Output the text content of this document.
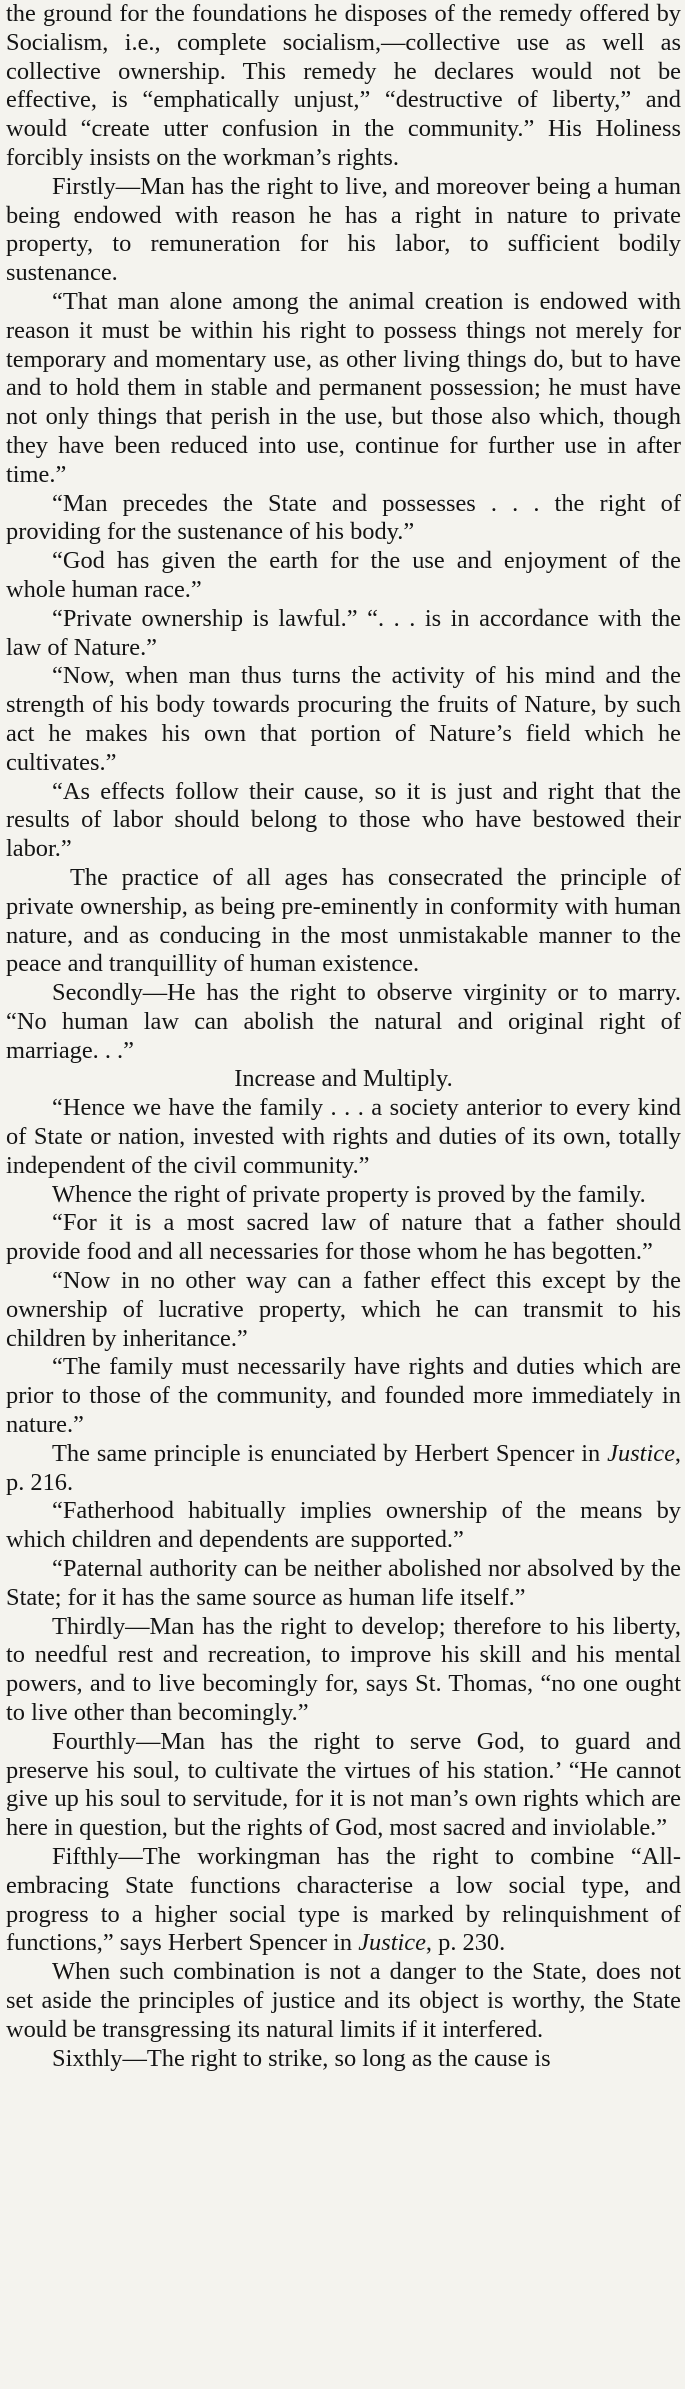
the ground for the foundations he disposes of the remedy offered by Socialism, i.e., complete socialism,—collective use as well as collective ownership. This remedy he declares would not be effective, is “emphatically unjust,” “destructive of liberty,” and would “create utter confusion in the community.” His Holiness forcibly insists on the workman’s rights.

Firstly—Man has the right to live, and moreover being a human being endowed with reason he has a right in nature to private property, to remuneration for his labor, to sufficient bodily sustenance.

“That man alone among the animal creation is endowed with reason it must be within his right to possess things not merely for temporary and momentary use, as other living things do, but to have and to hold them in stable and permanent possession; he must have not only things that perish in the use, but those also which, though they have been reduced into use, continue for further use in after time.”

“Man precedes the State and possesses . . . the right of providing for the sustenance of his body.”

“God has given the earth for the use and enjoyment of the whole human race.”

“Private ownership is lawful.” “. . . is in accordance with the law of Nature.”

“Now, when man thus turns the activity of his mind and the strength of his body towards procuring the fruits of Nature, by such act he makes his own that portion of Nature’s field which he cultivates.”

“As effects follow their cause, so it is just and right that the results of labor should belong to those who have bestowed their labor.”

The practice of all ages has consecrated the principle of private ownership, as being pre-eminently in conformity with human nature, and as conducing in the most unmistakable manner to the peace and tranquillity of human existence.

Secondly—He has the right to observe virginity or to marry. “No human law can abolish the natural and original right of marriage. . .”

Increase and Multiply.

“Hence we have the family . . . a society anterior to every kind of State or nation, invested with rights and duties of its own, totally independent of the civil community.”

Whence the right of private property is proved by the family.

“For it is a most sacred law of nature that a father should provide food and all necessaries for those whom he has begotten.”

“Now in no other way can a father effect this except by the ownership of lucrative property, which he can transmit to his children by inheritance.”

“The family must necessarily have rights and duties which are prior to those of the community, and founded more immediately in nature.”

The same principle is enunciated by Herbert Spencer in Justice, p. 216.

“Fatherhood habitually implies ownership of the means by which children and dependents are supported.”

“Paternal authority can be neither abolished nor absolved by the State; for it has the same source as human life itself.”

Thirdly—Man has the right to develop; therefore to his liberty, to needful rest and recreation, to improve his skill and his mental powers, and to live becomingly for, says St. Thomas, “no one ought to live other than becomingly.”

Fourthly—Man has the right to serve God, to guard and preserve his soul, to cultivate the virtues of his station.’ “He cannot give up his soul to servitude, for it is not man’s own rights which are here in question, but the rights of God, most sacred and inviolable.”

Fifthly—The workingman has the right to combine “All-embracing State functions characterise a low social type, and progress to a higher social type is marked by relinquishment of functions,” says Herbert Spencer in Justice, p. 230.

When such combination is not a danger to the State, does not set aside the principles of justice and its object is worthy, the State would be transgressing its natural limits if it interfered.

Sixthly—The right to strike, so long as the cause is
